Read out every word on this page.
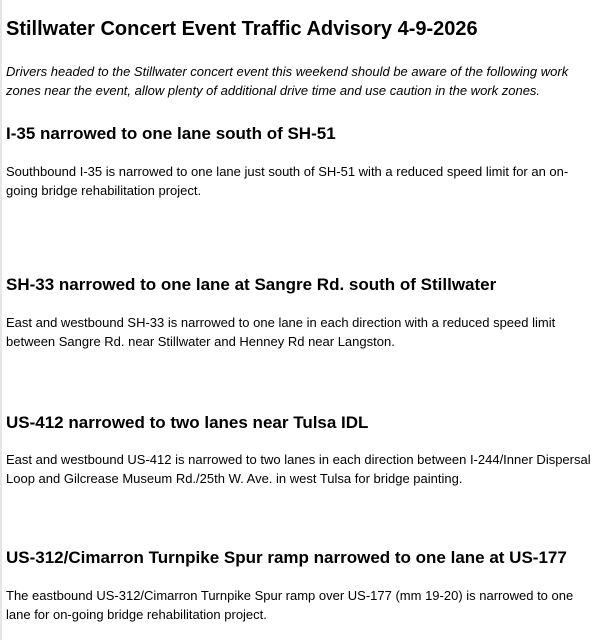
Stillwater Concert Event Traffic Advisory 4-9-2026

Drivers headed to the Stillwater concert event this weekend should be aware of the following work zones near the event, allow plenty of additional drive time and use caution in the work zones.

I-35 narrowed to one lane south of SH-51

Southbound I-35 is narrowed to one lane just south of SH-51 with a reduced speed limit for an on-going bridge rehabilitation project.

SH-33 narrowed to one lane at Sangre Rd. south of Stillwater

East and westbound SH-33 is narrowed to one lane in each direction with a reduced speed limit between Sangre Rd. near Stillwater and Henney Rd near Langston.

US-412 narrowed to two lanes near Tulsa IDL

East and westbound US-412 is narrowed to two lanes in each direction between I-244/Inner Dispersal Loop and Gilcrease Museum Rd./25th W. Ave. in west Tulsa for bridge painting.

US-312/Cimarron Turnpike Spur ramp narrowed to one lane at US-177

The eastbound US-312/Cimarron Turnpike Spur ramp over US-177 (mm 19-20) is narrowed to one lane for on-going bridge rehabilitation project.
